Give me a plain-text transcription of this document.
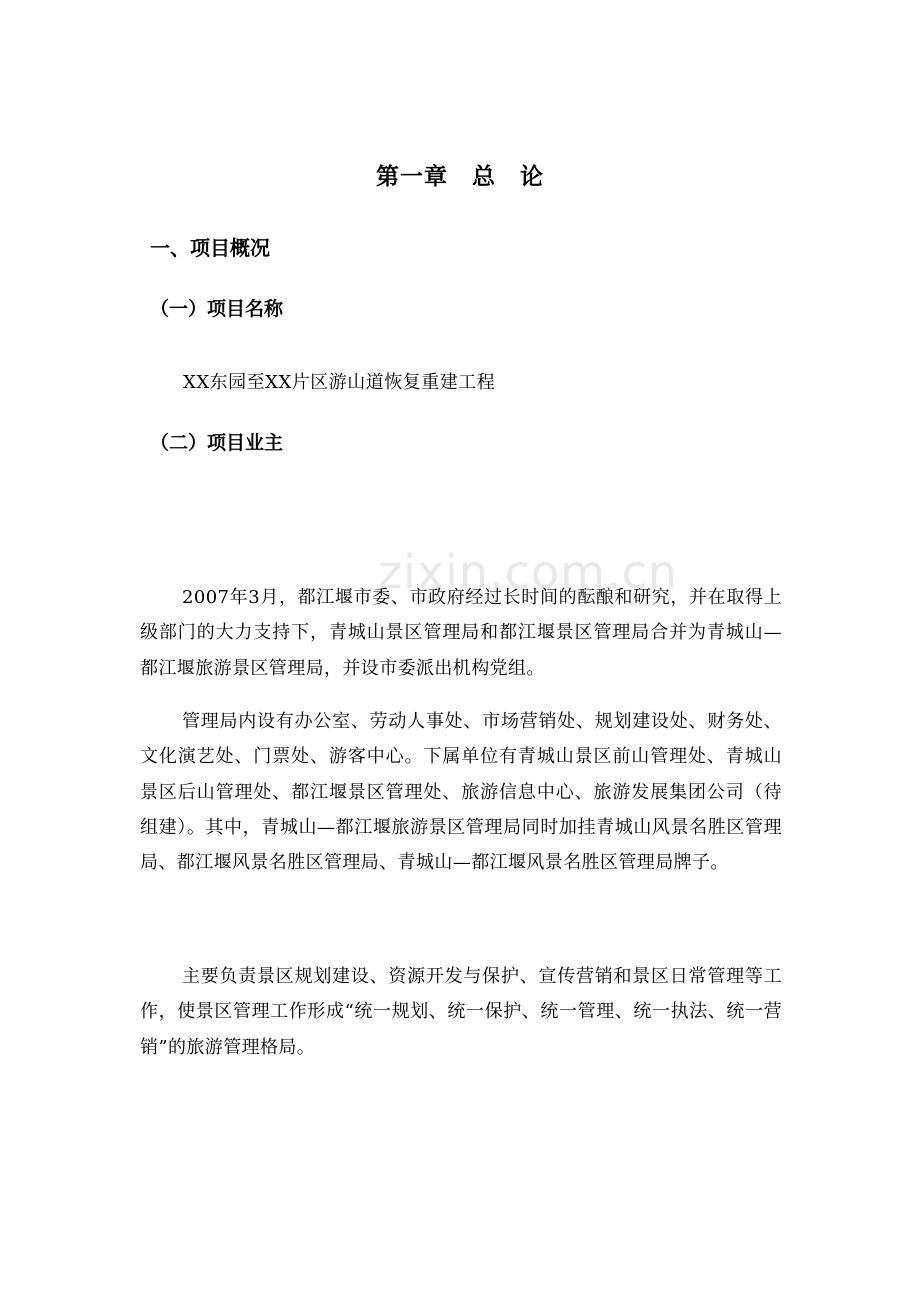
zixin.com.cn
第一章　总　论
一、项目概况
（一）项目名称
XX东园至XX片区游山道恢复重建工程
（二）项目业主

2007年3月，都江堰市委、市政府经过长时间的酝酿和研究，并在取得上级部门的大力支持下，青城山景区管理局和都江堰景区管理局合并为青城山—都江堰旅游景区管理局，并设市委派出机构党组。

管理局内设有办公室、劳动人事处、市场营销处、规划建设处、财务处、文化演艺处、门票处、游客中心。下属单位有青城山景区前山管理处、青城山景区后山管理处、都江堰景区管理处、旅游信息中心、旅游发展集团公司（待组建）。其中，青城山—都江堰旅游景区管理局同时加挂青城山风景名胜区管理局、都江堰风景名胜区管理局、青城山—都江堰风景名胜区管理局牌子。

主要负责景区规划建设、资源开发与保护、宣传营销和景区日常管理等工作，使景区管理工作形成“统一规划、统一保护、统一管理、统一执法、统一营销”的旅游管理格局。
